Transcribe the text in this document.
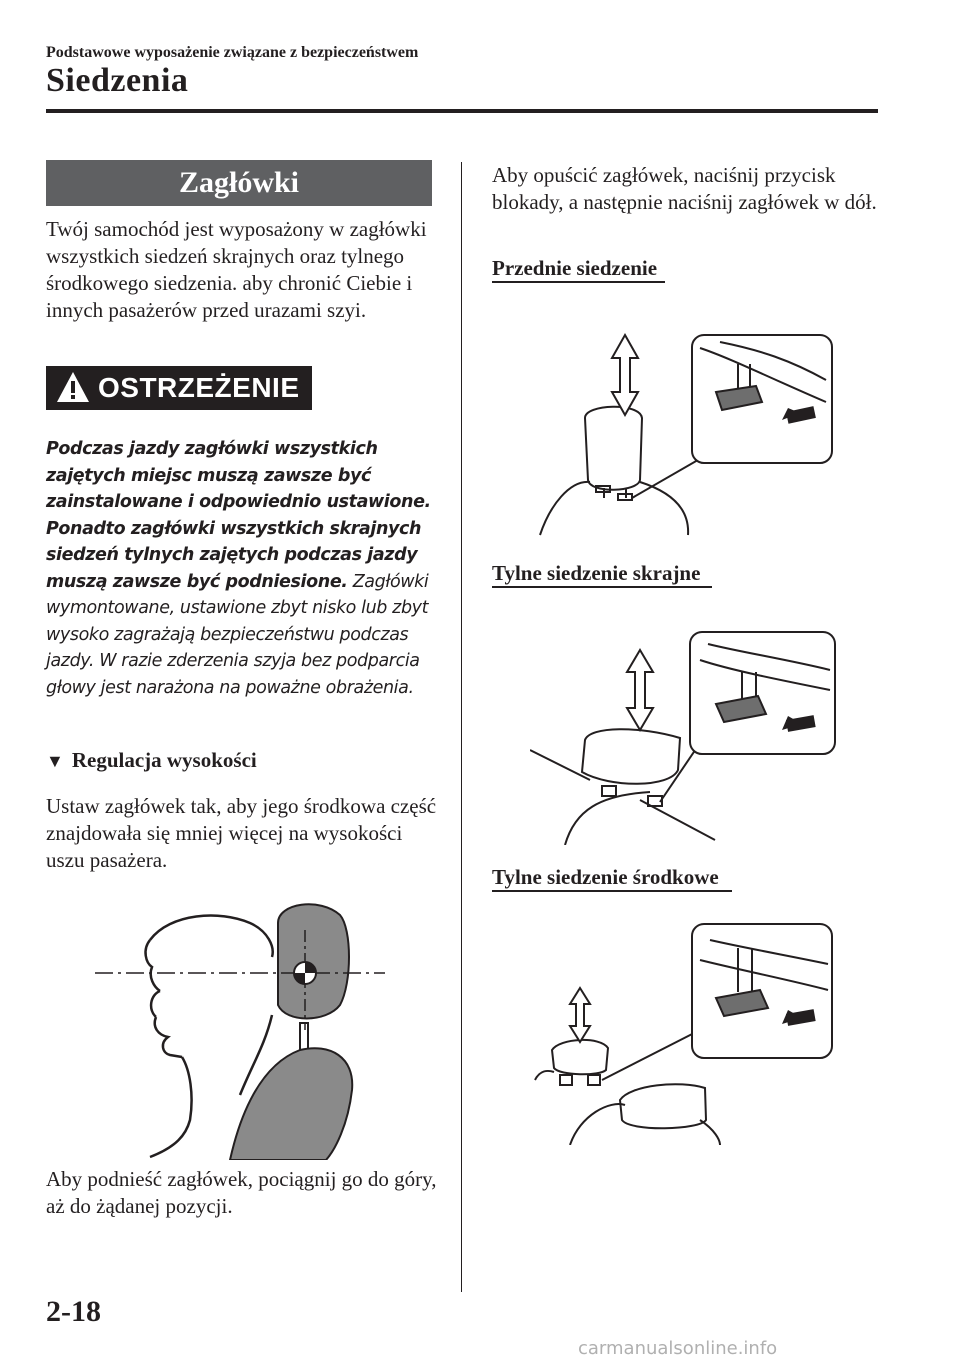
Podstawowe wyposażenie związane z bezpieczeństwem
Siedzenia
Zagłówki
Twój samochód jest wyposażony w zagłówki wszystkich siedzeń skrajnych oraz tylnego środkowego siedzenia. aby chronić Ciebie i innych pasażerów przed urazami szyi.
OSTRZEŻENIE
Podczas jazdy zagłówki wszystkich zajętych miejsc muszą zawsze być zainstalowane i odpowiednio ustawione. Ponadto zagłówki wszystkich skrajnych siedzeń tylnych zajętych podczas jazdy muszą zawsze być podniesione. Zagłówki wymontowane, ustawione zbyt nisko lub zbyt wysoko zagrażają bezpieczeństwu podczas jazdy. W razie zderzenia szyja bez podparcia głowy jest narażona na poważne obrażenia.
▼ Regulacja wysokości
Ustaw zagłówek tak, aby jego środkowa część znajdowała się mniej więcej na wysokości uszu pasażera.
Aby podnieść zagłówek, pociągnij go do góry, aż do żądanej pozycji.
Aby opuścić zagłówek, naciśnij przycisk blokady, a następnie naciśnij zagłówek w dół.
Przednie siedzenie
Tylne siedzenie skrajne
Tylne siedzenie środkowe
2-18
carmanualsonline.info
